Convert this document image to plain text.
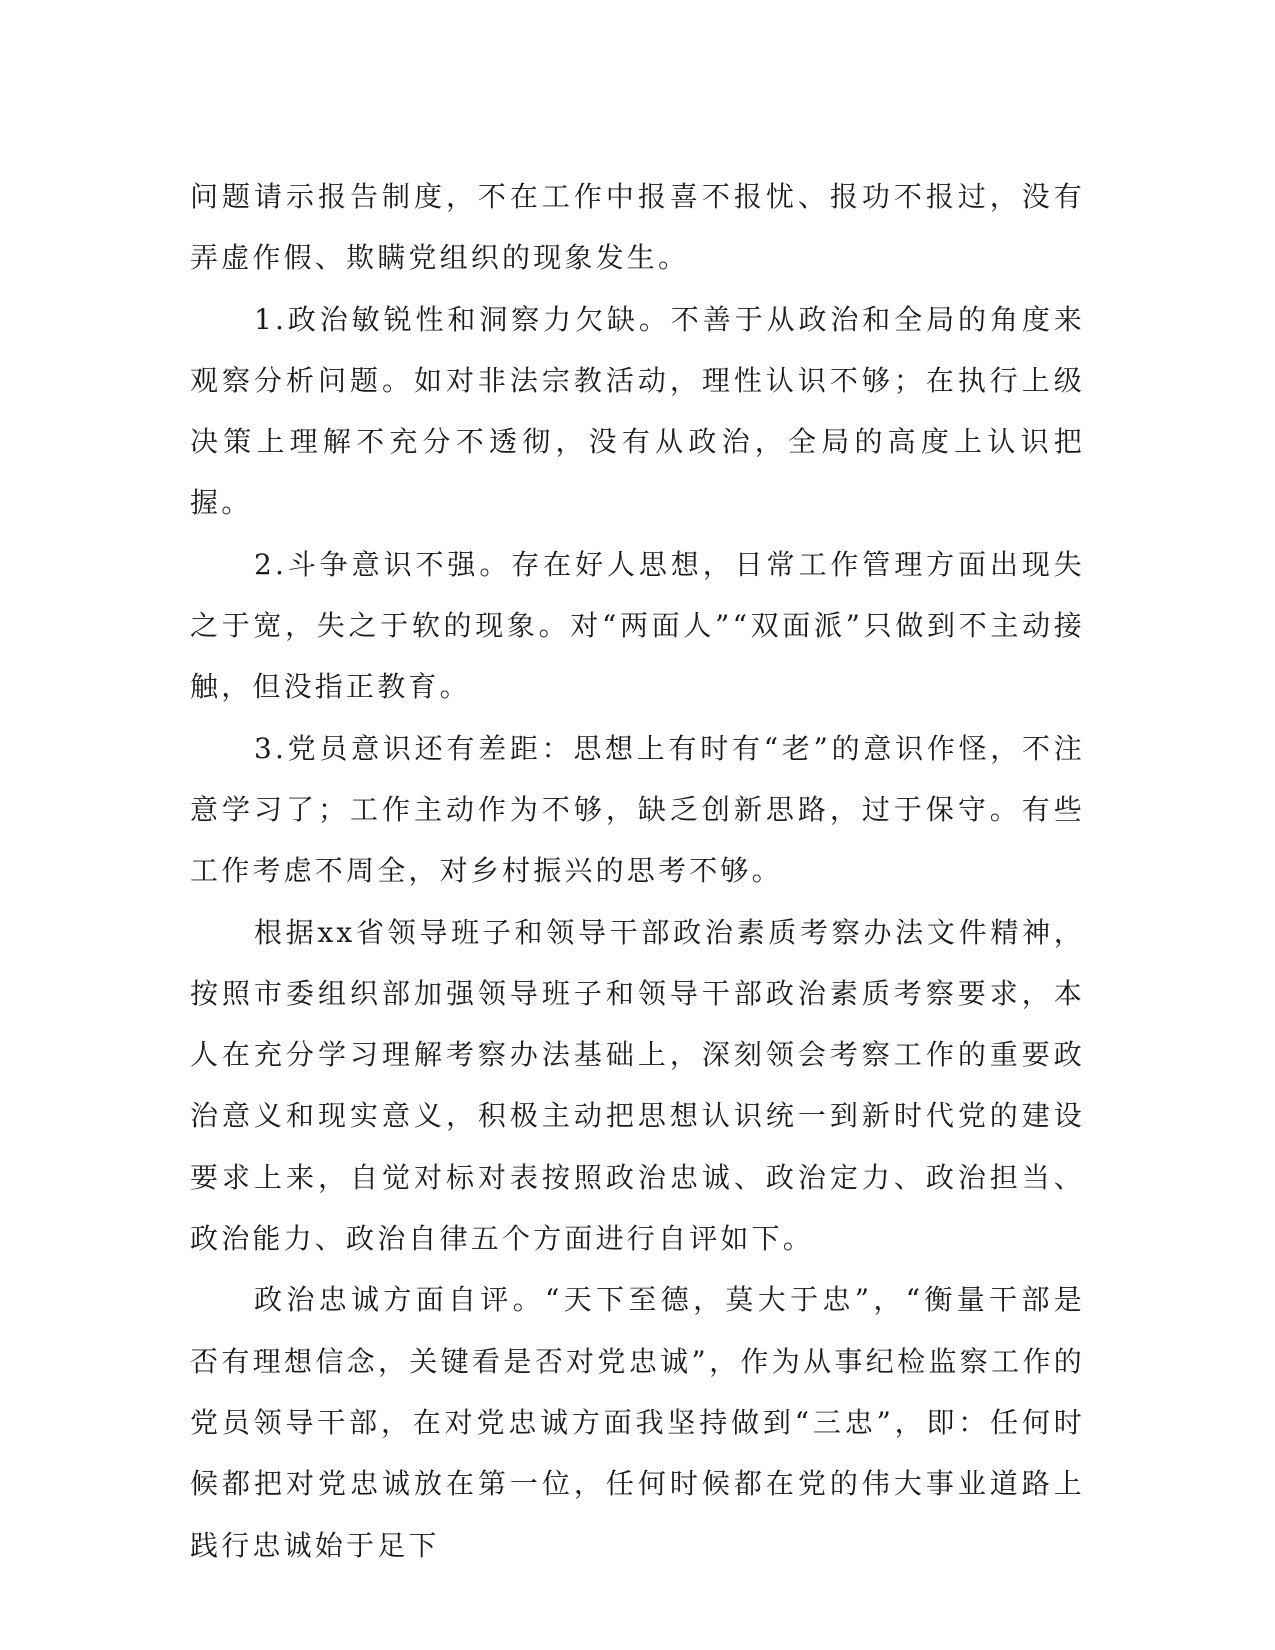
问题请示报告制度，不在工作中报喜不报忧、报功不报过，没有弄虚作假、欺瞒党组织的现象发生。

1.政治敏锐性和洞察力欠缺。不善于从政治和全局的角度来观察分析问题。如对非法宗教活动，理性认识不够；在执行上级决策上理解不充分不透彻，没有从政治，全局的高度上认识把握。

2.斗争意识不强。存在好人思想，日常工作管理方面出现失之于宽，失之于软的现象。对“两面人”“双面派”只做到不主动接触，但没指正教育。

3.党员意识还有差距：思想上有时有“老”的意识作怪，不注意学习了；工作主动作为不够，缺乏创新思路，过于保守。有些工作考虑不周全，对乡村振兴的思考不够。

根据xx省领导班子和领导干部政治素质考察办法文件精神，按照市委组织部加强领导班子和领导干部政治素质考察要求，本人在充分学习理解考察办法基础上，深刻领会考察工作的重要政治意义和现实意义，积极主动把思想认识统一到新时代党的建设要求上来，自觉对标对表按照政治忠诚、政治定力、政治担当、政治能力、政治自律五个方面进行自评如下。

政治忠诚方面自评。“天下至德，莫大于忠”，“衡量干部是否有理想信念，关键看是否对党忠诚”，作为从事纪检监察工作的党员领导干部，在对党忠诚方面我坚持做到“三忠”，即：任何时候都把对党忠诚放在第一位，任何时候都在党的伟大事业道路上践行忠诚始于足下
